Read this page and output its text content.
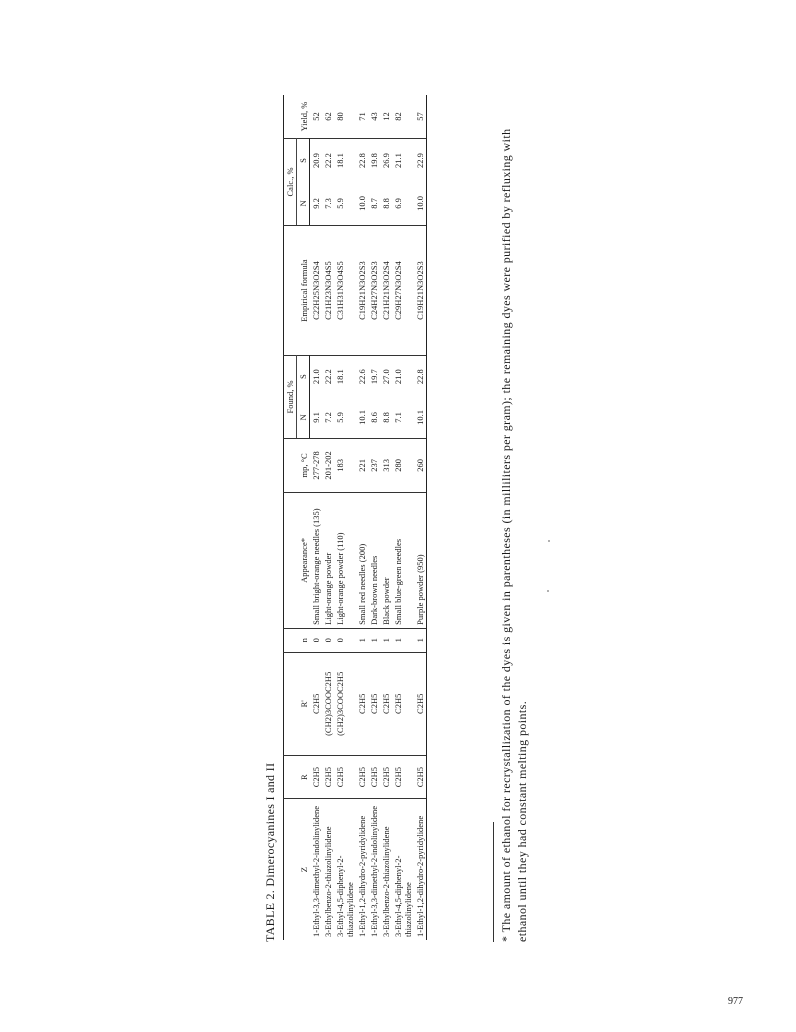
TABLE 2. Dimerocyanines I and II	Z	R	R'	n	Appearance*	mp, °C	Found, %		Empirical formula	Calc., %		Yield, %
						N	S		N	S	
1-Ethyl-3,3-dimethyl-2-indolinylidene	C2H5	C2H5	0	Small bright-orange needles (135)	277-278	9.1	21.0	C22H25N3O2S4	9.2	20.9	52
3-Ethylbenzo-2-thiazolinylidene	C2H5	(CH2)3COOC2H5	0	Light-orange powder	201-202	7.2	22.2	C21H23N3O4S5	7.3	22.2	62
3-Ethyl-4,5-diphenyl-2-thiazolinylidene	C2H5	(CH2)3COOC2H5	0	Light-orange powder (110)	183	5.9	18.1	C31H31N3O4S5	5.9	18.1	80
1-Ethyl-1,2-dihydro-2-pyridylidene	C2H5	C2H5	1	Small red needles (200)	221	10.1	22.6	C19H21N3O2S3	10.0	22.8	71
1-Ethyl-3,3-dimethyl-2-indolinylidene	C2H5	C2H5	1	Dark-brown needles	237	8.6	19.7	C24H27N3O2S3	8.7	19.8	43
3-Ethylbenzo-2-thiazolinylidene	C2H5	C2H5	1	Black powder	313	8.8	27.0	C21H21N3O2S4	8.8	26.9	12
3-Ethyl-4,5-diphenyl-2-thiazolinylidene	C2H5	C2H5	1	Small blue-green needles	280	7.1	21.0	C29H27N3O2S4	6.9	21.1	82
1-Ethyl-1,2-dihydro-2-pyridylidene	C2H5	C2H5	1	Purple powder (950)	260	10.1	22.8	C19H21N3O2S3	10.0	22.9	57
* The amount of ethanol for recrystallization of the dyes is given in parentheses (in milliliters per gram); the remaining dyes were purified by refluxing with ethanol until they had constant melting points.
977
